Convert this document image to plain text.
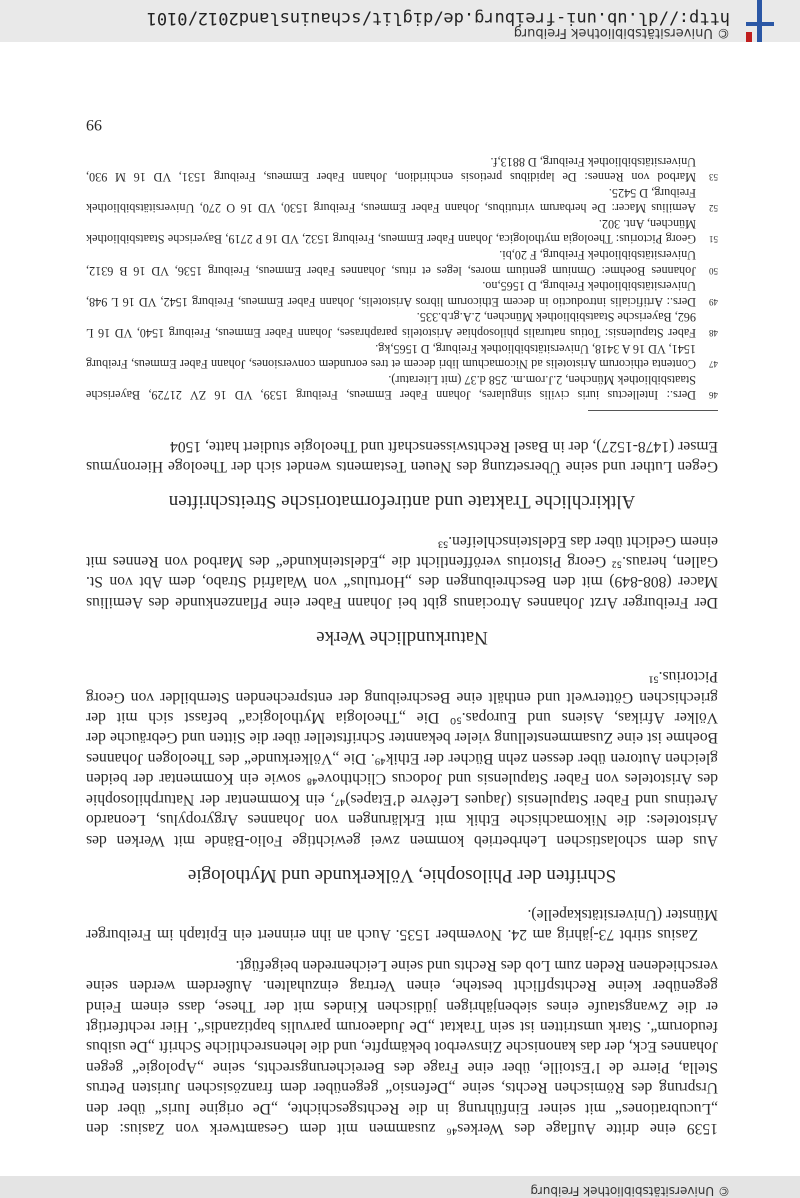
© Universitätsbibliothek Freiburg

1539 eine dritte Auflage des Werkes⁴⁶ zusammen mit dem Gesamtwerk von Zasius: den „Lucubrationes“ mit seiner Einführung in die Rechtsgeschichte, „De origine Iuris“ über den Ursprung des Römischen Rechts, seine „Defensio“ gegenüber dem französischen Juristen Petrus Stella, Pierre de l’Estoille, über eine Frage des Bereicherungsrechts, seine „Apologie“ gegen Johannes Eck, der das kanonische Zinsverbot bekämpfte, und die lehensrechtliche Schrift „De usibus feudorum“. Stark umstritten ist sein Traktat „De Judaeorum parvulis baptizandis“. Hier rechtfertigt er die Zwangstaufe eines siebenjährigen jüdischen Kindes mit der These, dass einem Feind gegenüber keine Rechtspflicht bestehe, einen Vertrag einzuhalten. Außerdem werden seine verschiedenen Reden zum Lob des Rechts und seine Leichenreden beigefügt.

Zasius stirbt 73-jährig am 24. November 1535. Auch an ihn erinnert ein Epitaph im Freiburger Münster (Universitätskapelle).

Schriften der Philosophie, Völkerkunde und Mythologie

Aus dem scholastischen Lehrbetrieb kommen zwei gewichtige Folio-Bände mit Werken des Aristoteles: die Nikomachische Ethik mit Erklärungen von Johannes Argyropylus, Leonardo Aretinus und Faber Stapulensis (Jaques Lefèvre d’Etapes)⁴⁷, ein Kommentar der Naturphilosophie des Aristoteles von Faber Stapulensis und Jodocus Clichthove⁴⁸ sowie ein Kommentar der beiden gleichen Autoren über dessen zehn Bücher der Ethik⁴⁹. Die „Völkerkunde“ des Theologen Johannes Boehme ist eine Zusammenstellung vieler bekannter Schriftsteller über die Sitten und Gebräuche der Völker Afrikas, Asiens und Europas.⁵⁰ Die „Theologia Mythologica“ befasst sich mit der griechischen Götterwelt und enthält eine Beschreibung der entsprechenden Sternbilder von Georg Pictorius.⁵¹

Naturkundliche Werke

Der Freiburger Arzt Johannes Atrocianus gibt bei Johann Faber eine Pflanzenkunde des Aemilius Macer (808-849) mit den Beschreibungen des „Hortulus“ von Walafrid Strabo, dem Abt von St. Gallen, heraus.⁵² Georg Pistorius veröffentlicht die „Edelsteinkunde“ des Marbod von Rennes mit einem Gedicht über das Edelsteinschleifen.⁵³

Altkirchliche Traktate und antireformatorische Streitschriften

Gegen Luther und seine Übersetzung des Neuen Testaments wendet sich der Theologe Hieronymus Emser (1478-1527), der in Basel Rechtswissenschaft und Theologie studiert hatte, 1504

46
Ders.: Intellectus iuris civilis singulares, Johann Faber Emmeus, Freiburg 1539, VD 16 ZV 21729, Bayerische Staatsbibliothek München, 2.J.rom.m. 258 d.37 (mit Literatur).
47
Contenta ethicorum Aristotelis ad Nicomachum libri decem et tres eorundem conversiones, Johann Faber Emmeus, Freiburg 1541, VD 16 A 3418, Universitätsbibliothek Freiburg, D 1565,kg.
48
Faber Stapulensis: Totius naturalis philosophiae Aristotelis paraphrases, Johann Faber Emmeus, Freiburg 1540, VD 16 L 962, Bayerische Staatsbibliothek München, 2.A.gr.b.335.
49
Ders.: Artificialis introductio in decem Ethicorum libros Aristotelis, Johann Faber Emmeus, Freiburg 1542, VD 16 L 948, Universitätsbibliothek Freiburg, D 1565,no.
50
Johannes Boehme: Omnium gentium mores, leges et ritus, Johannes Faber Emmeus, Freiburg 1536, VD 16 B 6312, Universitätsbibliothek Freiburg, F 20,bi.
51
Georg Pictorius: Theologia mythologica, Johann Faber Emmeus, Freiburg 1532, VD 16 P 2719, Bayerische Staatsbibliothek München, Ant. 302.
52
Aemilius Macer: De herbarum virtutibus, Johann Faber Emmeus, Freiburg 1530, VD 16 O 270, Universitätsbibliothek Freiburg, D 5425.
53
Marbod von Rennes: De lapidibus pretiosis enchiridion, Johann Faber Emmeus, Freiburg 1531, VD 16 M 930, Universitätsbibliothek Freiburg, D 8813,f.
99
© Universitätsbibliothek Freiburg
http://dl.ub.uni-freiburg.de/diglit/schauinsland2012/0101
